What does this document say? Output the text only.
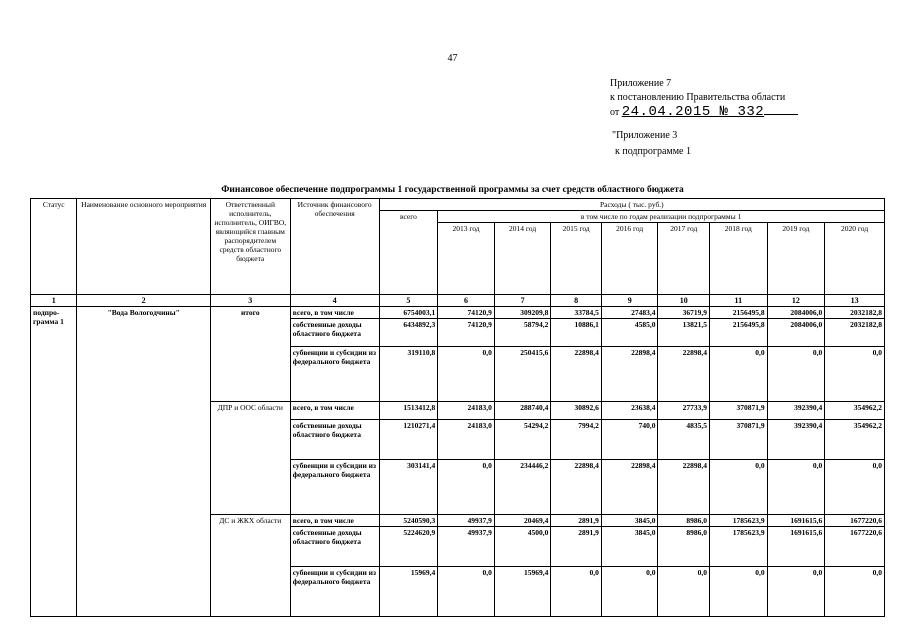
47
Приложение 7
к постановлению Правительства области
от 24.04.2015 № 332
"Приложение 3
к подпрограмме 1
Финансовое обеспечение подпрограммы 1 государственной программы за счет средств областного бюджета
Статус	Наименование основного мероприятия	Ответственный исполнитель, исполнитель, ОИГВО, являющийся главным распорядителем средств областного бюджета	Источник финансового обеспечения	Расходы ( тыс. руб.)								
				всего	в том числе по годам реализации подпрограммы 1							
					2013 год	2014 год	2015 год	2016 год	2017 год	2018 год	2019 год	2020 год
1	2	3	4	5	6	7	8	9	10	11	12	13
подпро-грамма 1	"Вода Вологодчины"	итого	всего, в том числе	6754003,1	74120,9	309209,8	33784,5	27483,4	36719,9	2156495,8	2084006,0	2032182,8
			собственные доходы областного бюджета	6434892,3	74120,9	58794,2	10886,1	4585,0	13821,5	2156495,8	2084006,0	2032182,8
			субвенции и субсидии из федерального бюджета	319110,8	0,0	250415,6	22898,4	22898,4	22898,4	0,0	0,0	0,0
		ДПР и ООС области	всего, в том числе	1513412,8	24183,0	288740,4	30892,6	23638,4	27733,9	370871,9	392390,4	354962,2
			собственные доходы областного бюджета	1210271,4	24183,0	54294,2	7994,2	740,0	4835,5	370871,9	392390,4	354962,2
			субвенции и субсидии из федерального бюджета	303141,4	0,0	234446,2	22898,4	22898,4	22898,4	0,0	0,0	0,0
		ДС и ЖКХ области	всего, в том числе	5240590,3	49937,9	20469,4	2891,9	3845,0	8986,0	1785623,9	1691615,6	1677220,6
			собственные доходы областного бюджета	5224620,9	49937,9	4500,0	2891,9	3845,0	8986,0	1785623,9	1691615,6	1677220,6
			субвенции и субсидии из федерального бюджета	15969,4	0,0	15969,4	0,0	0,0	0,0	0,0	0,0	0,0
